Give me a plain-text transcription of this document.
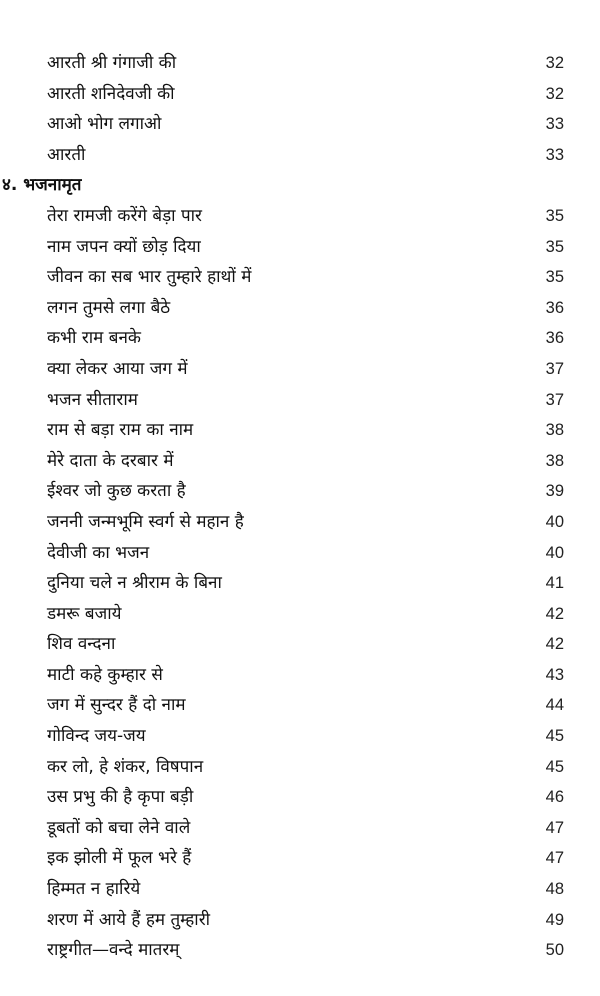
आरती श्री गंगाजी की	32
आरती शनिदेवजी की	32
आओ भोग लगाओ	33
आरती	33
४. भजनामृत
तेरा रामजी करेंगे बेड़ा पार	35
नाम जपन क्यों छोड़ दिया	35
जीवन का सब भार तुम्हारे हाथों में	35
लगन तुमसे लगा बैठे	36
कभी राम बनके	36
क्या लेकर आया जग में	37
भजन सीताराम	37
राम से बड़ा राम का नाम	38
मेरे दाता के दरबार में	38
ईश्वर जो कुछ करता है	39
जननी जन्मभूमि स्वर्ग से महान है	40
देवीजी का भजन	40
दुनिया चले न श्रीराम के बिना	41
डमरू बजाये	42
शिव वन्दना	42
माटी कहे कुम्हार से	43
जग में सुन्दर हैं दो नाम	44
गोविन्द जय-जय	45
कर लो, हे शंकर, विषपान	45
उस प्रभु की है कृपा बड़ी	46
डूबतों को बचा लेने वाले	47
इक झोली में फूल भरे हैं	47
हिम्मत न हारिये	48
शरण में आये हैं हम तुम्हारी	49
राष्ट्रगीत—वन्दे मातरम्	50
